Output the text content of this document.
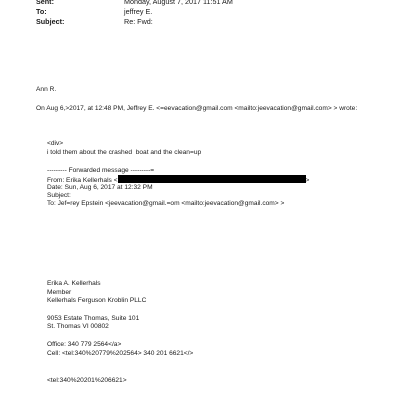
Sent:	Monday, August 7, 2017 11:51 AM
To:	jeffrey E.
Subject:	Re: Fwd:
Ann R.
On Aug 6,>2017, at 12:48 PM, Jeffrey E. <=eevacation@gmail.com <mailto:jeevacation@gmail.com> > wrote:
<div>
i told them about the crashed  boat and the clean=up
--------- Forwarded message ---------=
From: Erika Kellerhals <	>
Date: Sun, Aug 6, 2017 at 12:32 PM
Subject:
To: Jef=rey Epstein <jeevacation@gmail.=om <mailto:jeevacation@gmail.com> >
Erika A. Kellerhals
Member
Kellerhals Ferguson Kroblin PLLC
9053 Estate Thomas, Suite 101
St. Thomas VI 00802
Office: 340 779 2564</a>
Cell: <tel:340%20779%202564> 340 201 6621</>
<tel:340%20201%206621>
